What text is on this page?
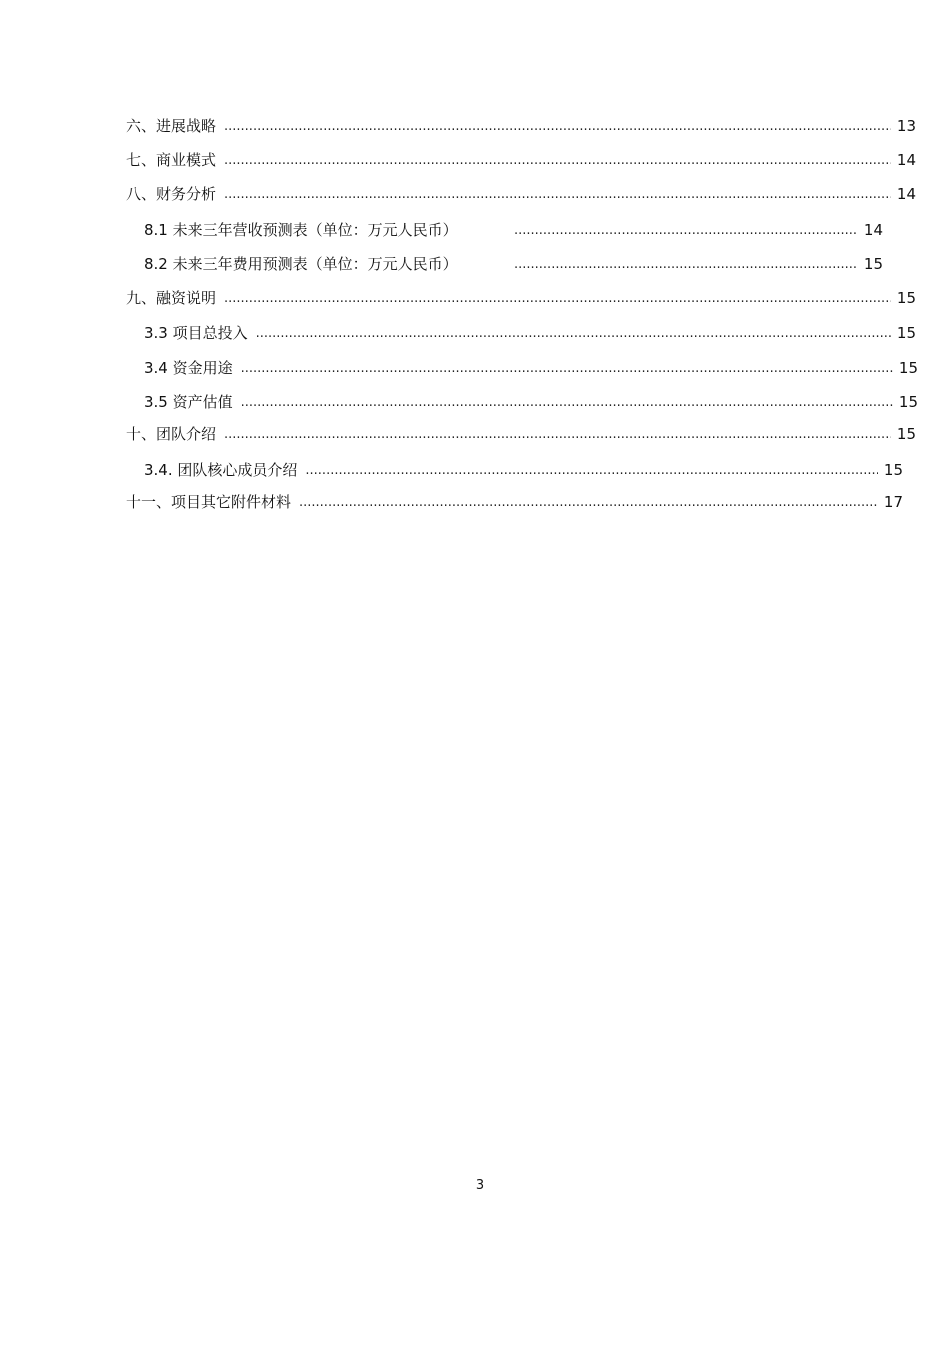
六、进展战略 .....	13
七、商业模式 .....	14
八、财务分析 .....	14
8.1 未来三年营收预测表（单位：万元人民币） .....	14
8.2 未来三年费用预测表（单位：万元人民币） .....	15
九、融资说明 .....	15
3.3 项目总投入 .....	15
3.4 资金用途 .....	15
3.5 资产估值 .....	15
十、团队介绍 .....	15
3.4. 团队核心成员介绍 .....	15
十一、项目其它附件材料 .....	17
3
